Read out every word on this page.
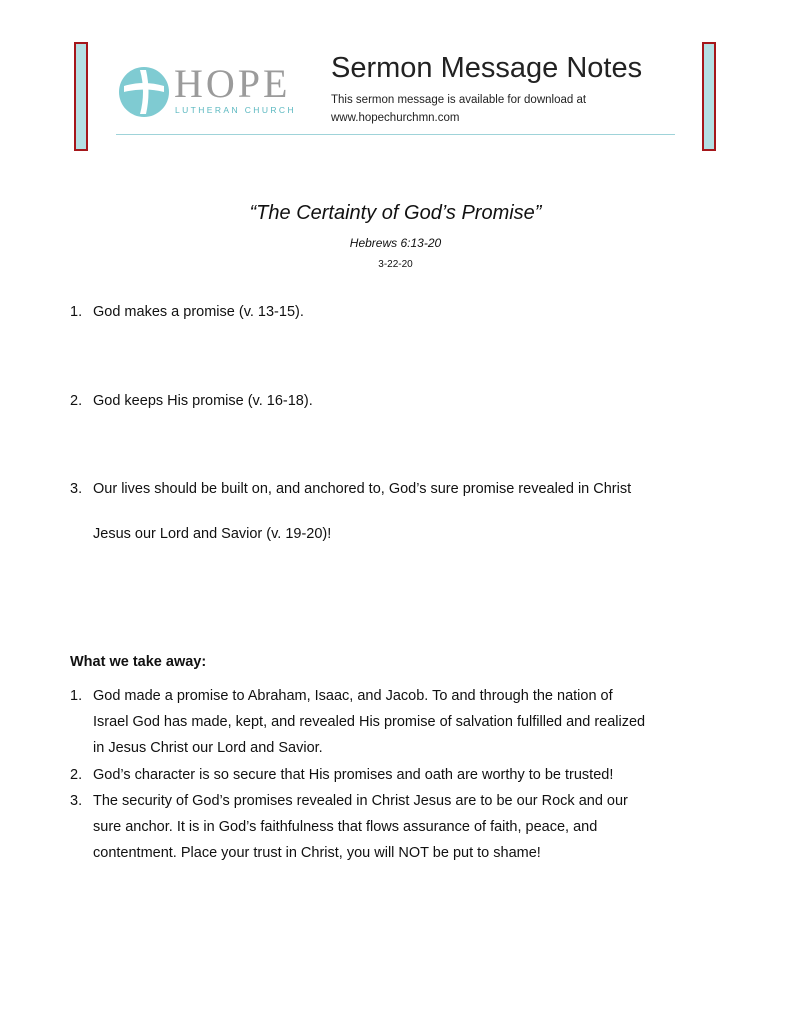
HOPE
LUTHERAN CHURCH
Sermon Message Notes
This sermon message is available for download at
www.hopechurchmn.com
“The Certainty of God’s Promise”
Hebrews 6:13-20
3-22-20
1. God makes a promise (v. 13-15).
2. God keeps His promise (v. 16-18).
3. Our lives should be built on, and anchored to, God’s sure promise revealed in Christ
Jesus our Lord and Savior (v. 19-20)!
What we take away:
1. God made a promise to Abraham, Isaac, and Jacob. To and through the nation of
Israel God has made, kept, and revealed His promise of salvation fulfilled and realized
in Jesus Christ our Lord and Savior.
2. God’s character is so secure that His promises and oath are worthy to be trusted!
3. The security of God’s promises revealed in Christ Jesus are to be our Rock and our
sure anchor. It is in God’s faithfulness that flows assurance of faith, peace, and
contentment. Place your trust in Christ, you will NOT be put to shame!
